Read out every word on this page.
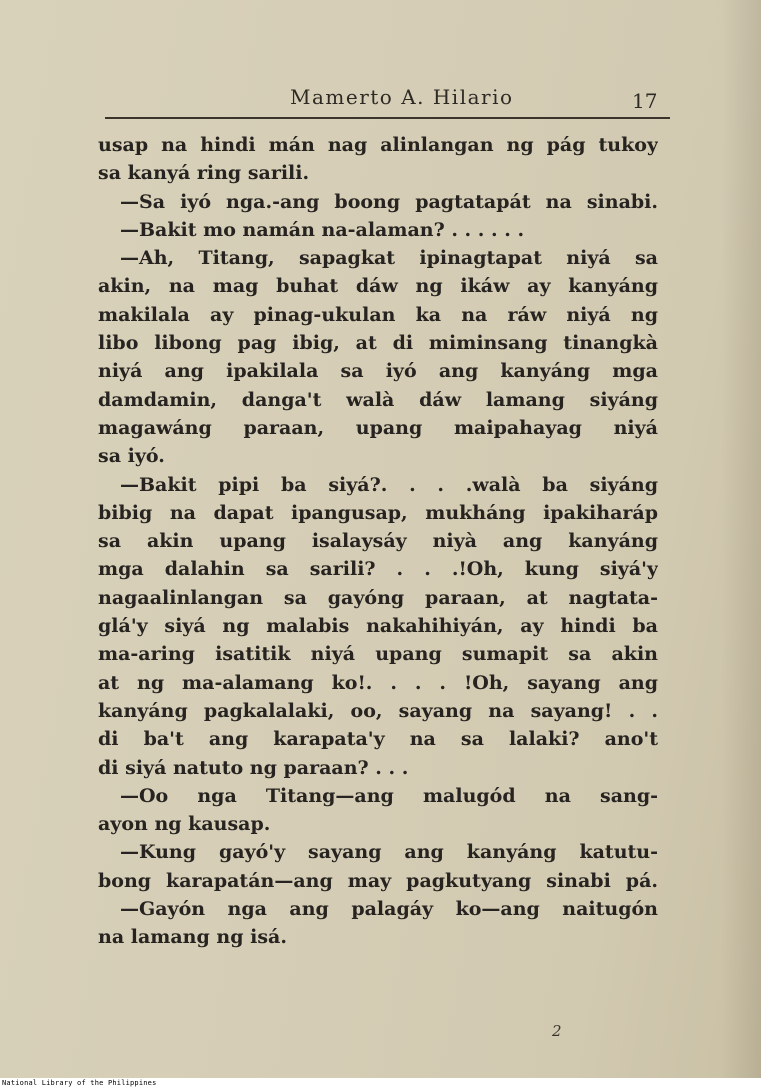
Mamerto A. Hilario	17
usap na hindi mán nag alinlangan ng pág tukoy
sa kanyá ring sarili.
—Sa iyó nga.-ang boong pagtatapát na sinabi.
—Bakit mo namán na-alaman? . . . . . .
—Ah, Titang, sapagkat ipinagtapat niyá sa
akin, na mag buhat dáw ng ikáw ay kanyáng
makilala ay pinag-ukulan ka na ráw niyá ng
libo libong pag ibig, at di miminsang tinangkà
niyá ang ipakilala sa iyó ang kanyáng mga
damdamin, danga't walà dáw lamang siyáng
magawáng paraan, upang maipahayag niyá
sa iyó.
—Bakit pipi ba siyá?. . . .walà ba siyáng
bibig na dapat ipangusap, mukháng ipakiharáp
sa akin upang isalaysáy niyà ang kanyáng
mga dalahin sa sarili? . . .!Oh, kung siyá'y
nagaalinlangan sa gayóng paraan, at nagtata-
glá'y siyá ng malabis nakahihiyán, ay hindi ba
ma-aring isatitik niyá upang sumapit sa akin
at ng ma-alamang ko!. . . . !Oh, sayang ang
kanyáng pagkalalaki, oo, sayang na sayang! . .
di ba't ang karapata'y na sa lalaki? ano't
di siyá natuto ng paraan? . . .
—Oo nga Titang—ang malugód na sang-
ayon ng kausap.
—Kung gayó'y sayang ang kanyáng katutu-
bong karapatán—ang may pagkutyang sinabi pá.
—Gayón nga ang palagáy ko—ang naitugón
na lamang ng isá.
2
National Library of the Philippines
